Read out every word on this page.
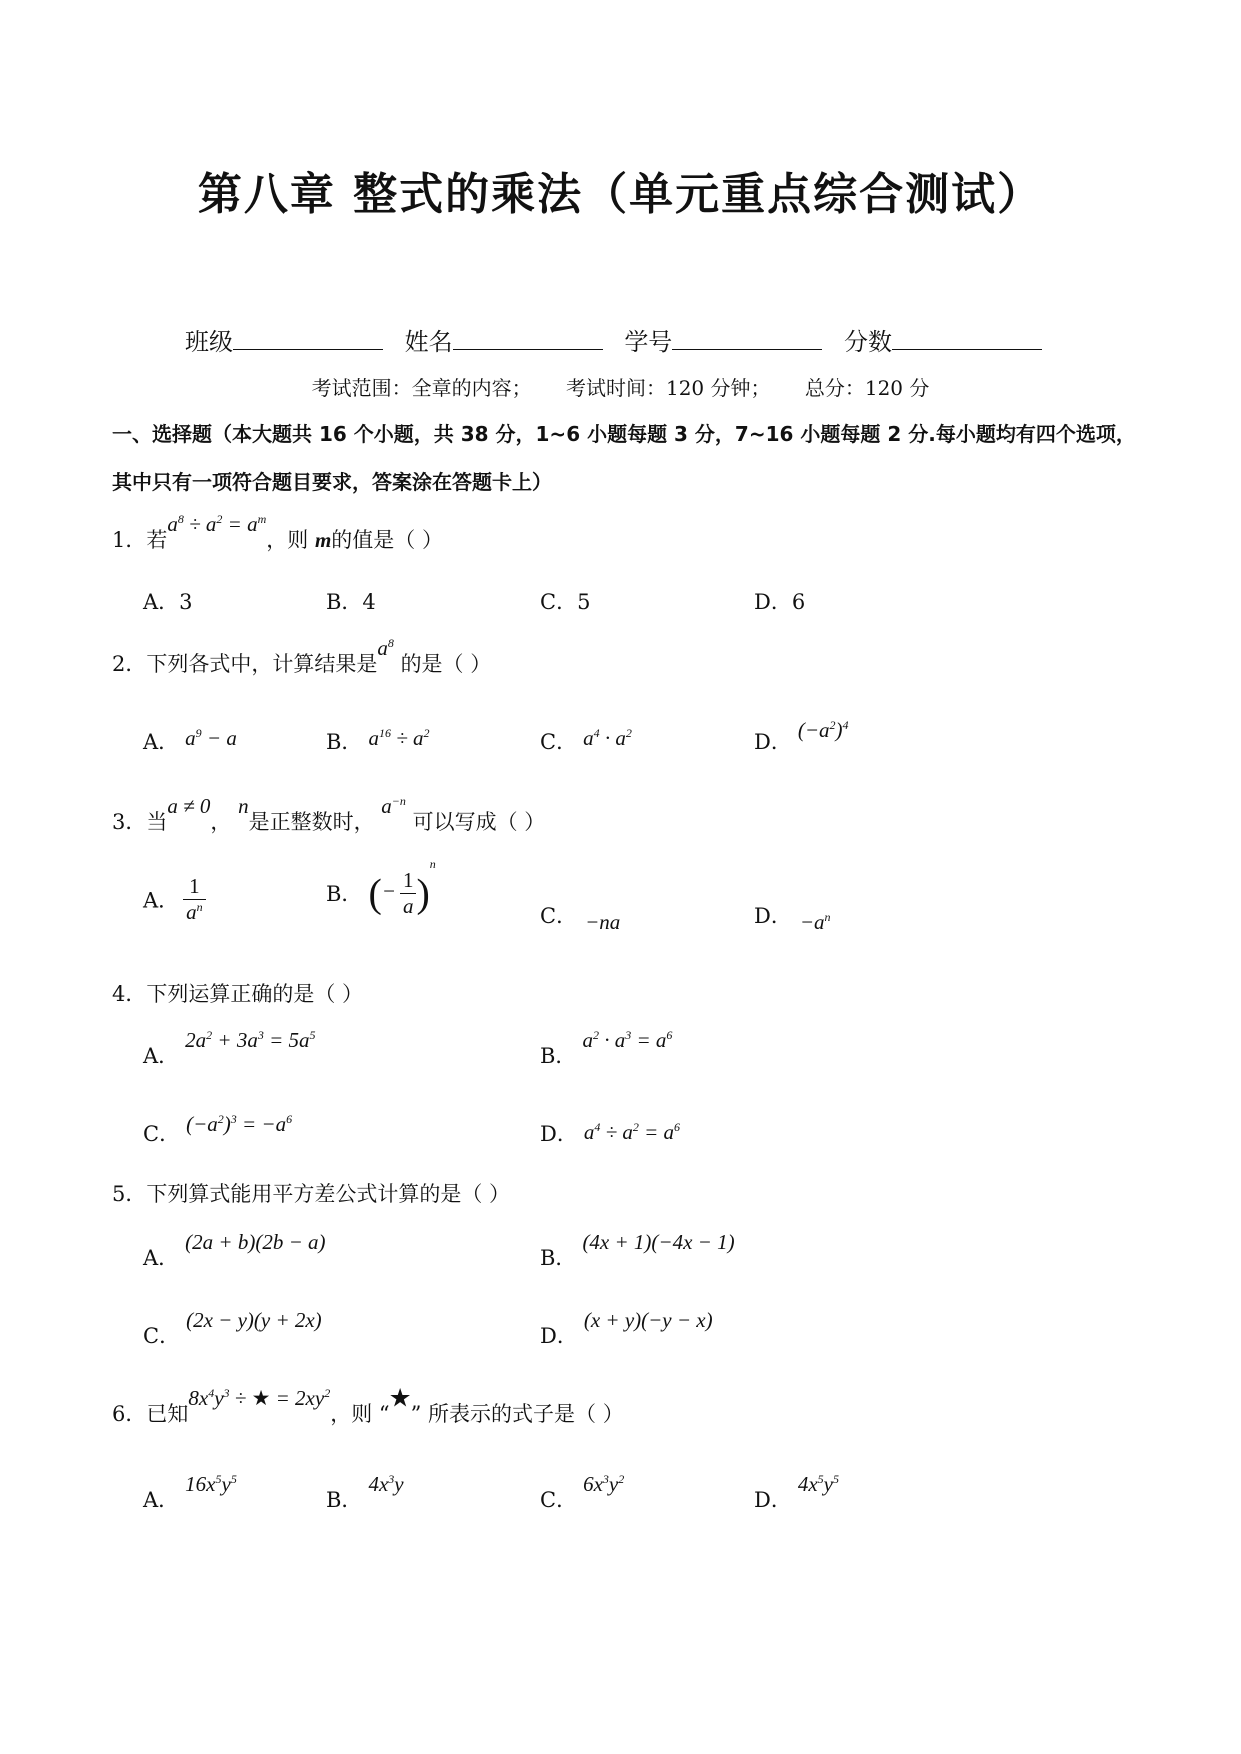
第八章 整式的乘法（单元重点综合测试）
班级	姓名	学号	分数
考试范围：全章的内容； 考试时间：120 分钟； 总分：120 分
一、选择题（本大题共 16 个小题，共 38 分，1~6 小题每题 3 分，7~16 小题每题 2 分.每小题均有四个选项，
其中只有一项符合题目要求，答案涂在答题卡上）
1．若$a^8 \div a^2 = a^m$，则 m的值是（ ）
A．3	B．4	C．5	D．6
2．下列各式中，计算结果是$a^8$ 的是（ ）
A． $a^9 - a$	B． $a^{16} \div a^2$	C． $a^4 \cdot a^2$	D． $(-a^2)^4$
3．当a ≠ 0， n是正整数时， $a^{-n}$ 可以写成（ ）
A． $\frac{1}{a^n}$	B． (− $\frac{1}{a} )^n$
C． −na	D． $-a^n$
4．下列运算正确的是（ ）
A．$2a^2 + 3a^3 = 5a^5$
B．$a^2 \cdot a^3 = a^6$
C． $(-a^2)^3 = -a^6$
D． $a^4 \div a^2 = a^6$
5．下列算式能用平方差公式计算的是（ ）
A．(2a + b)(2b − a)
B．(4x + 1)(−4x − 1)
C．(2x − y)(y + 2x)
D．(x + y)(−y − x)
6．已知$8x^4y^3$ ÷ ★ = $2xy^2$，则 “★” 所表示的式子是（ ）
A．$16x^5y^5$
B．$4x^3y$
C．$6x^3y^2$
D．$4x^5y^5$
